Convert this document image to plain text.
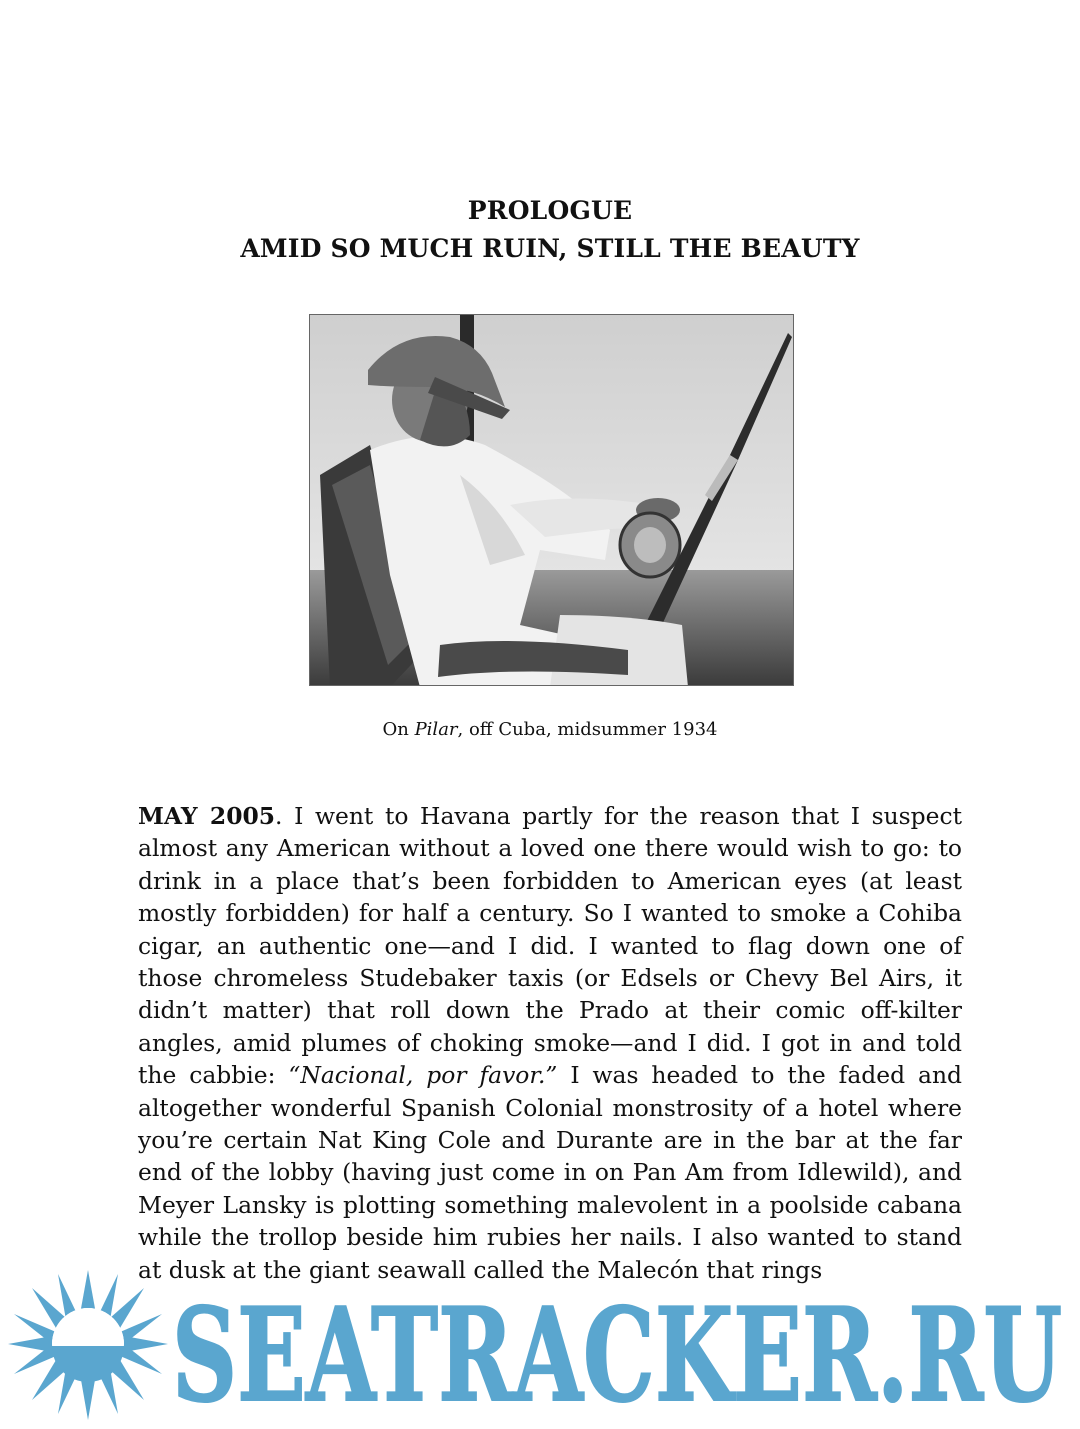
PROLOGUE
AMID SO MUCH RUIN, STILL THE BEAUTY
On Pilar, off Cuba, midsummer 1934
MAY 2005. I went to Havana partly for the reason that I suspect almost any American without a loved one there would wish to go: to drink in a place that’s been forbidden to American eyes (at least mostly forbidden) for half a century. So I wanted to smoke a Cohiba cigar, an authentic one—and I did. I wanted to flag down one of those chromeless Studebaker taxis (or Edsels or Chevy Bel Airs, it didn’t matter) that roll down the Prado at their comic off-kilter angles, amid plumes of choking smoke—and I did. I got in and told the cabbie: “Nacional, por favor.” I was headed to the faded and altogether wonderful Spanish Colonial monstrosity of a hotel where you’re certain Nat King Cole and Durante are in the bar at the far end of the lobby (having just come in on Pan Am from Idlewild), and Meyer Lansky is plotting something malevolent in a poolside cabana while the trollop beside him rubies her nails. I also wanted to stand at dusk at the giant seawall called the Malecón that rings
SEATRACKER.RU
